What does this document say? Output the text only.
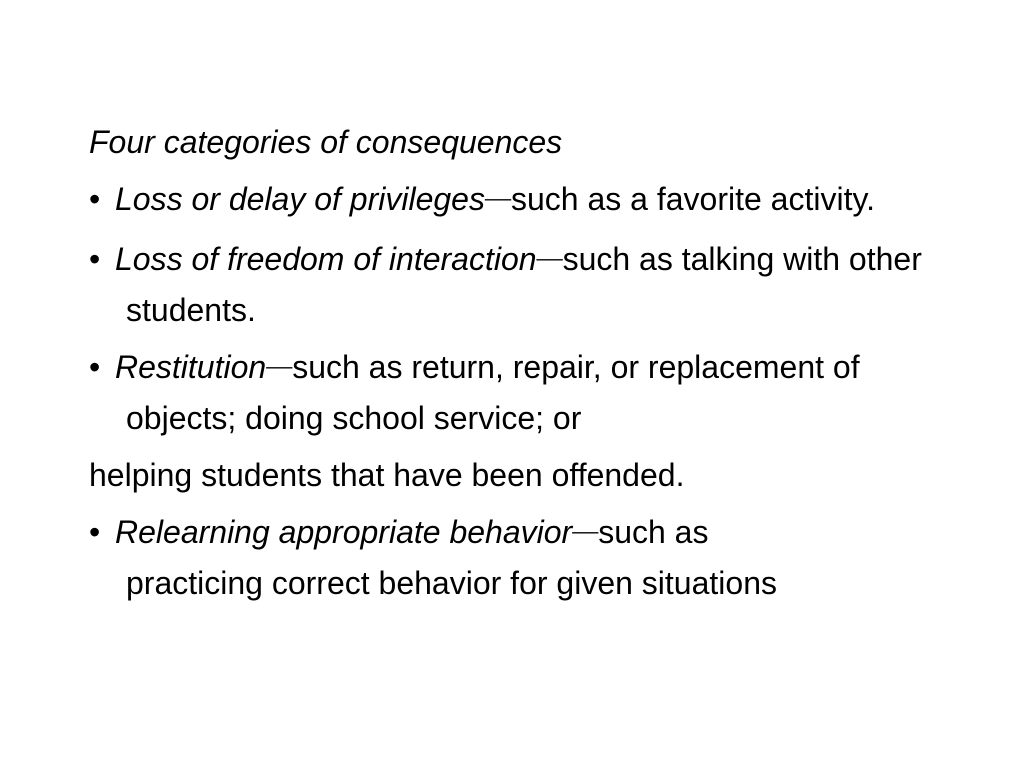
Four categories of consequences

• Loss or delay of privileges—such as a favorite activity.

• Loss of freedom of interaction—such as talking with other students.

• Restitution—such as return, repair, or replacement of objects; doing school service; or

helping students that have been offended.

• Relearning appropriate behavior—such as practicing correct behavior for given situations
